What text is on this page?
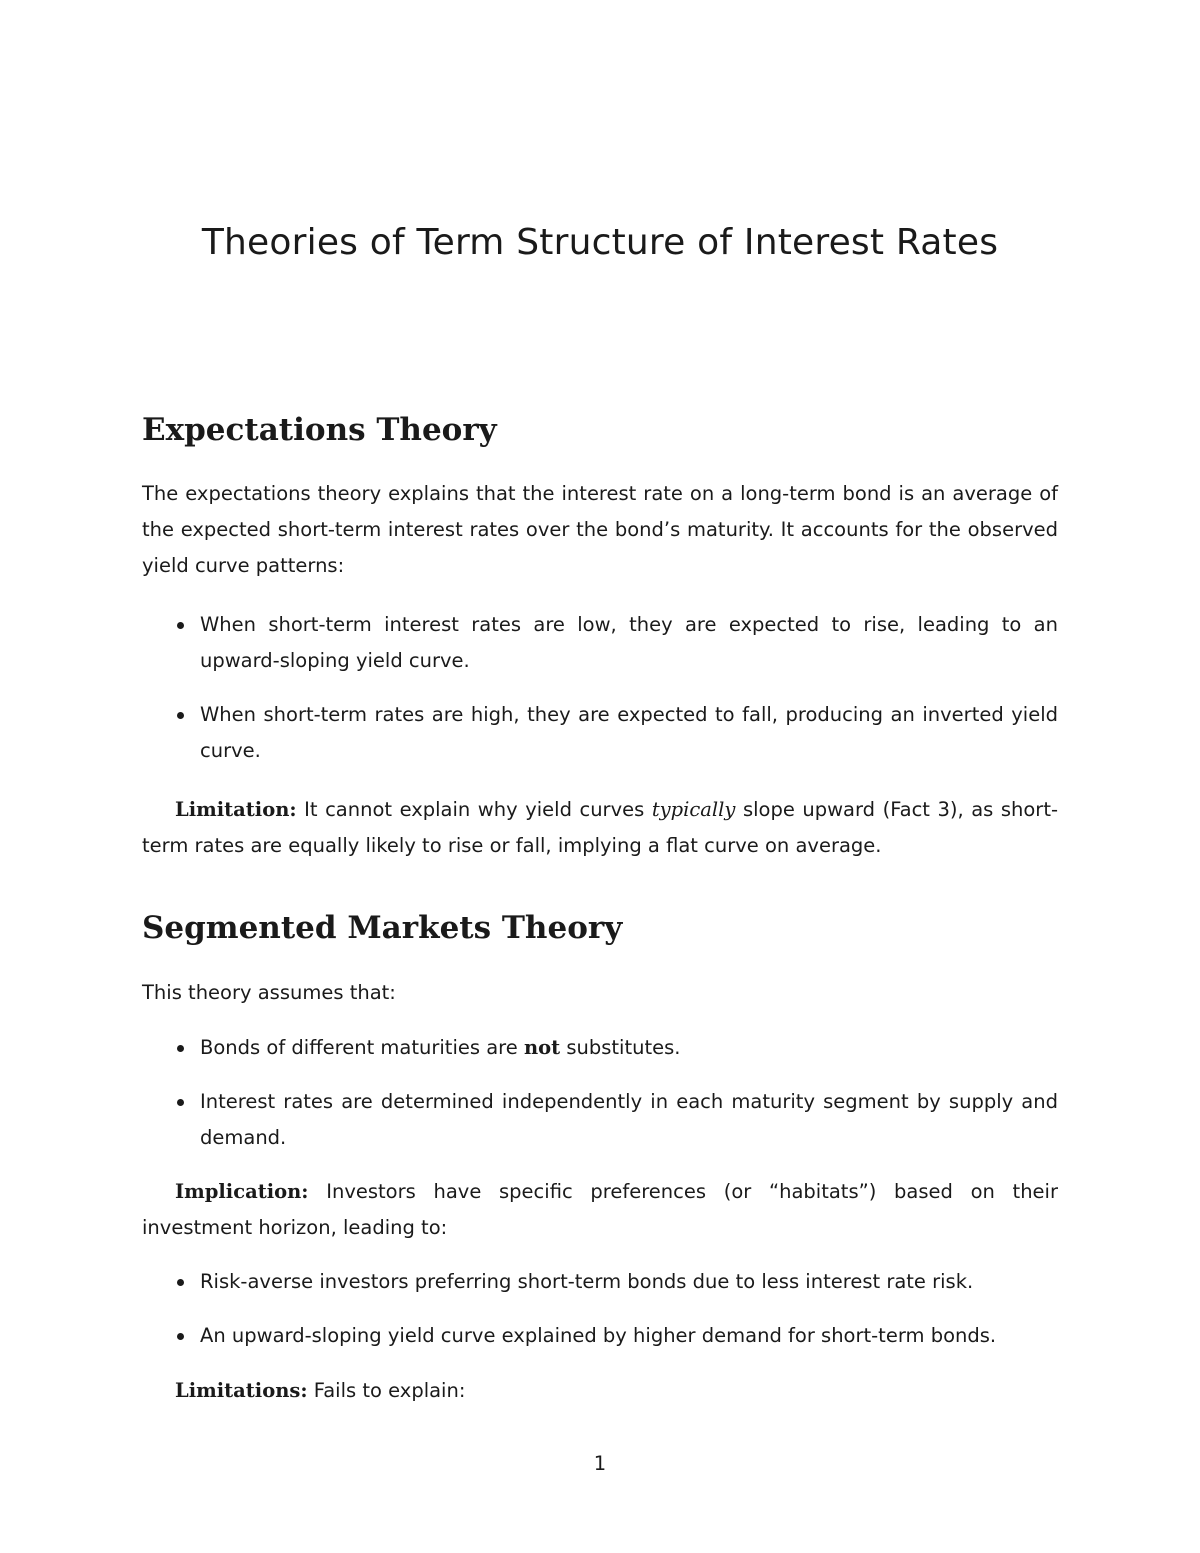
Theories of Term Structure of Interest Rates
Expectations Theory

The expectations theory explains that the interest rate on a long-term bond is an average of the expected short-term interest rates over the bond’s maturity. It accounts for the observed yield curve patterns:

When short-term interest rates are low, they are expected to rise, leading to an upward-sloping yield curve.
When short-term rates are high, they are expected to fall, producing an inverted yield curve.

Limitation: It cannot explain why yield curves typically slope upward (Fact 3), as short-term rates are equally likely to rise or fall, implying a flat curve on average.

Segmented Markets Theory

This theory assumes that:

Bonds of different maturities are not substitutes.
Interest rates are determined independently in each maturity segment by supply and demand.

Implication: Investors have specific preferences (or “habitats”) based on their investment horizon, leading to:

Risk-averse investors preferring short-term bonds due to less interest rate risk.
An upward-sloping yield curve explained by higher demand for short-term bonds.

Limitations: Fails to explain:

1
